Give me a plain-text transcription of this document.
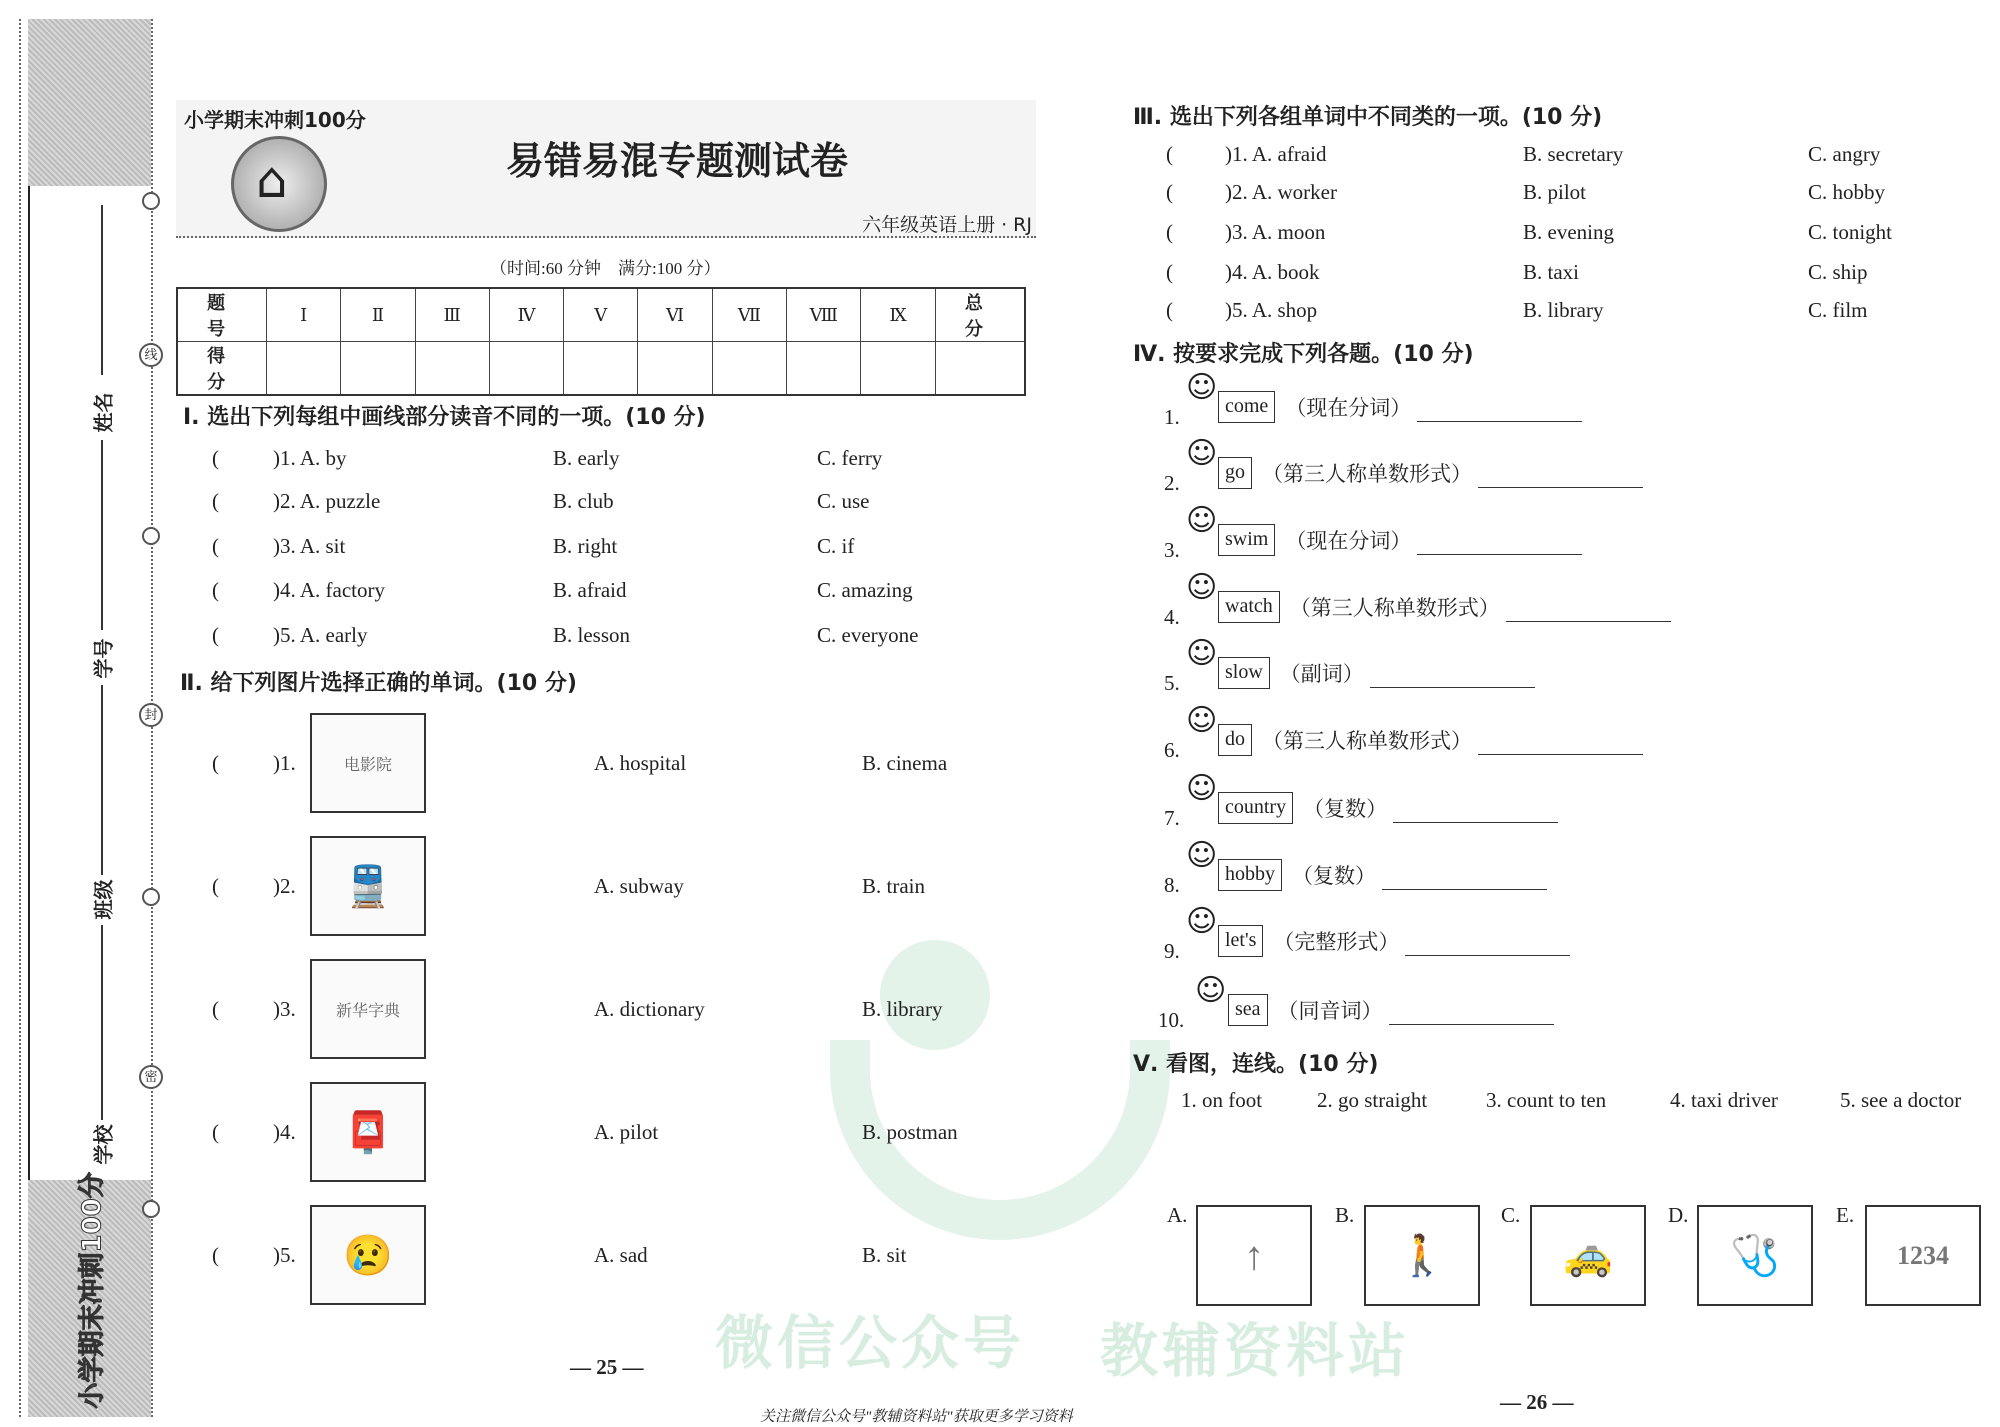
微信公众号 教辅资料站
小学期末冲刺100分
线
封
密
姓名
学号
班级
学校
小学期末冲刺100分
⌂	易错易混专题测试卷
六年级英语上册 · RJ
（时间:60 分钟　满分:100 分）
题　号	Ⅰ	Ⅱ	Ⅲ	Ⅳ	Ⅴ	Ⅵ	Ⅶ	Ⅷ	Ⅸ	总　分
得　分										
Ⅰ. 选出下列每组中画线部分读音不同的一项。(10 分)
(	)1. A. by	B. early	C. ferry
(	)2. A. puzzle	B. club	C. use
(	)3. A. sit	B. right	C. if
(	)4. A. factory	B. afraid	C. amazing
(	)5. A. early	B. lesson	C. everyone
Ⅱ. 给下列图片选择正确的单词。(10 分)
(	)1.	电影院	A. hospital	B. cinema
(	)2. 🚆	A. subway	B. train
(	)3.	新华字典	A. dictionary	B. library
(	)4. 📮	A. pilot	B. postman
(	)5. 😢	A. sad	B. sit
— 25 —
Ⅲ. 选出下列各组单词中不同类的一项。(10 分)
( )1. A. afraid	B. secretary	C. angry
( )2. A. worker	B. pilot	C. hobby
( )3. A. moon	B. evening	C. tonight
( )4. A. book	B. taxi	C. ship
( )5. A. shop	B. library	C. film
Ⅳ. 按要求完成下列各题。(10 分)
1.
☺
come （现在分词）
2.
☺
go （第三人称单数形式）
3.
☺
swim （现在分词）
4.
☺
watch （第三人称单数形式）
5.
☺
slow （副词）
6.
☺
do （第三人称单数形式）
7.
☺
country （复数）
8.
☺
hobby （复数）
9.
☺
let's （完整形式）
10.
☺
sea （同音词）
Ⅴ. 看图，连线。(10 分)
1. on foot	2. go straight	3. count to ten	4. taxi driver	5. see a doctor
A.
↑
B.
🚶
C.
🚕
D.
🩺
E.
1234
— 26 —
关注微信公众号"教辅资料站"获取更多学习资料
